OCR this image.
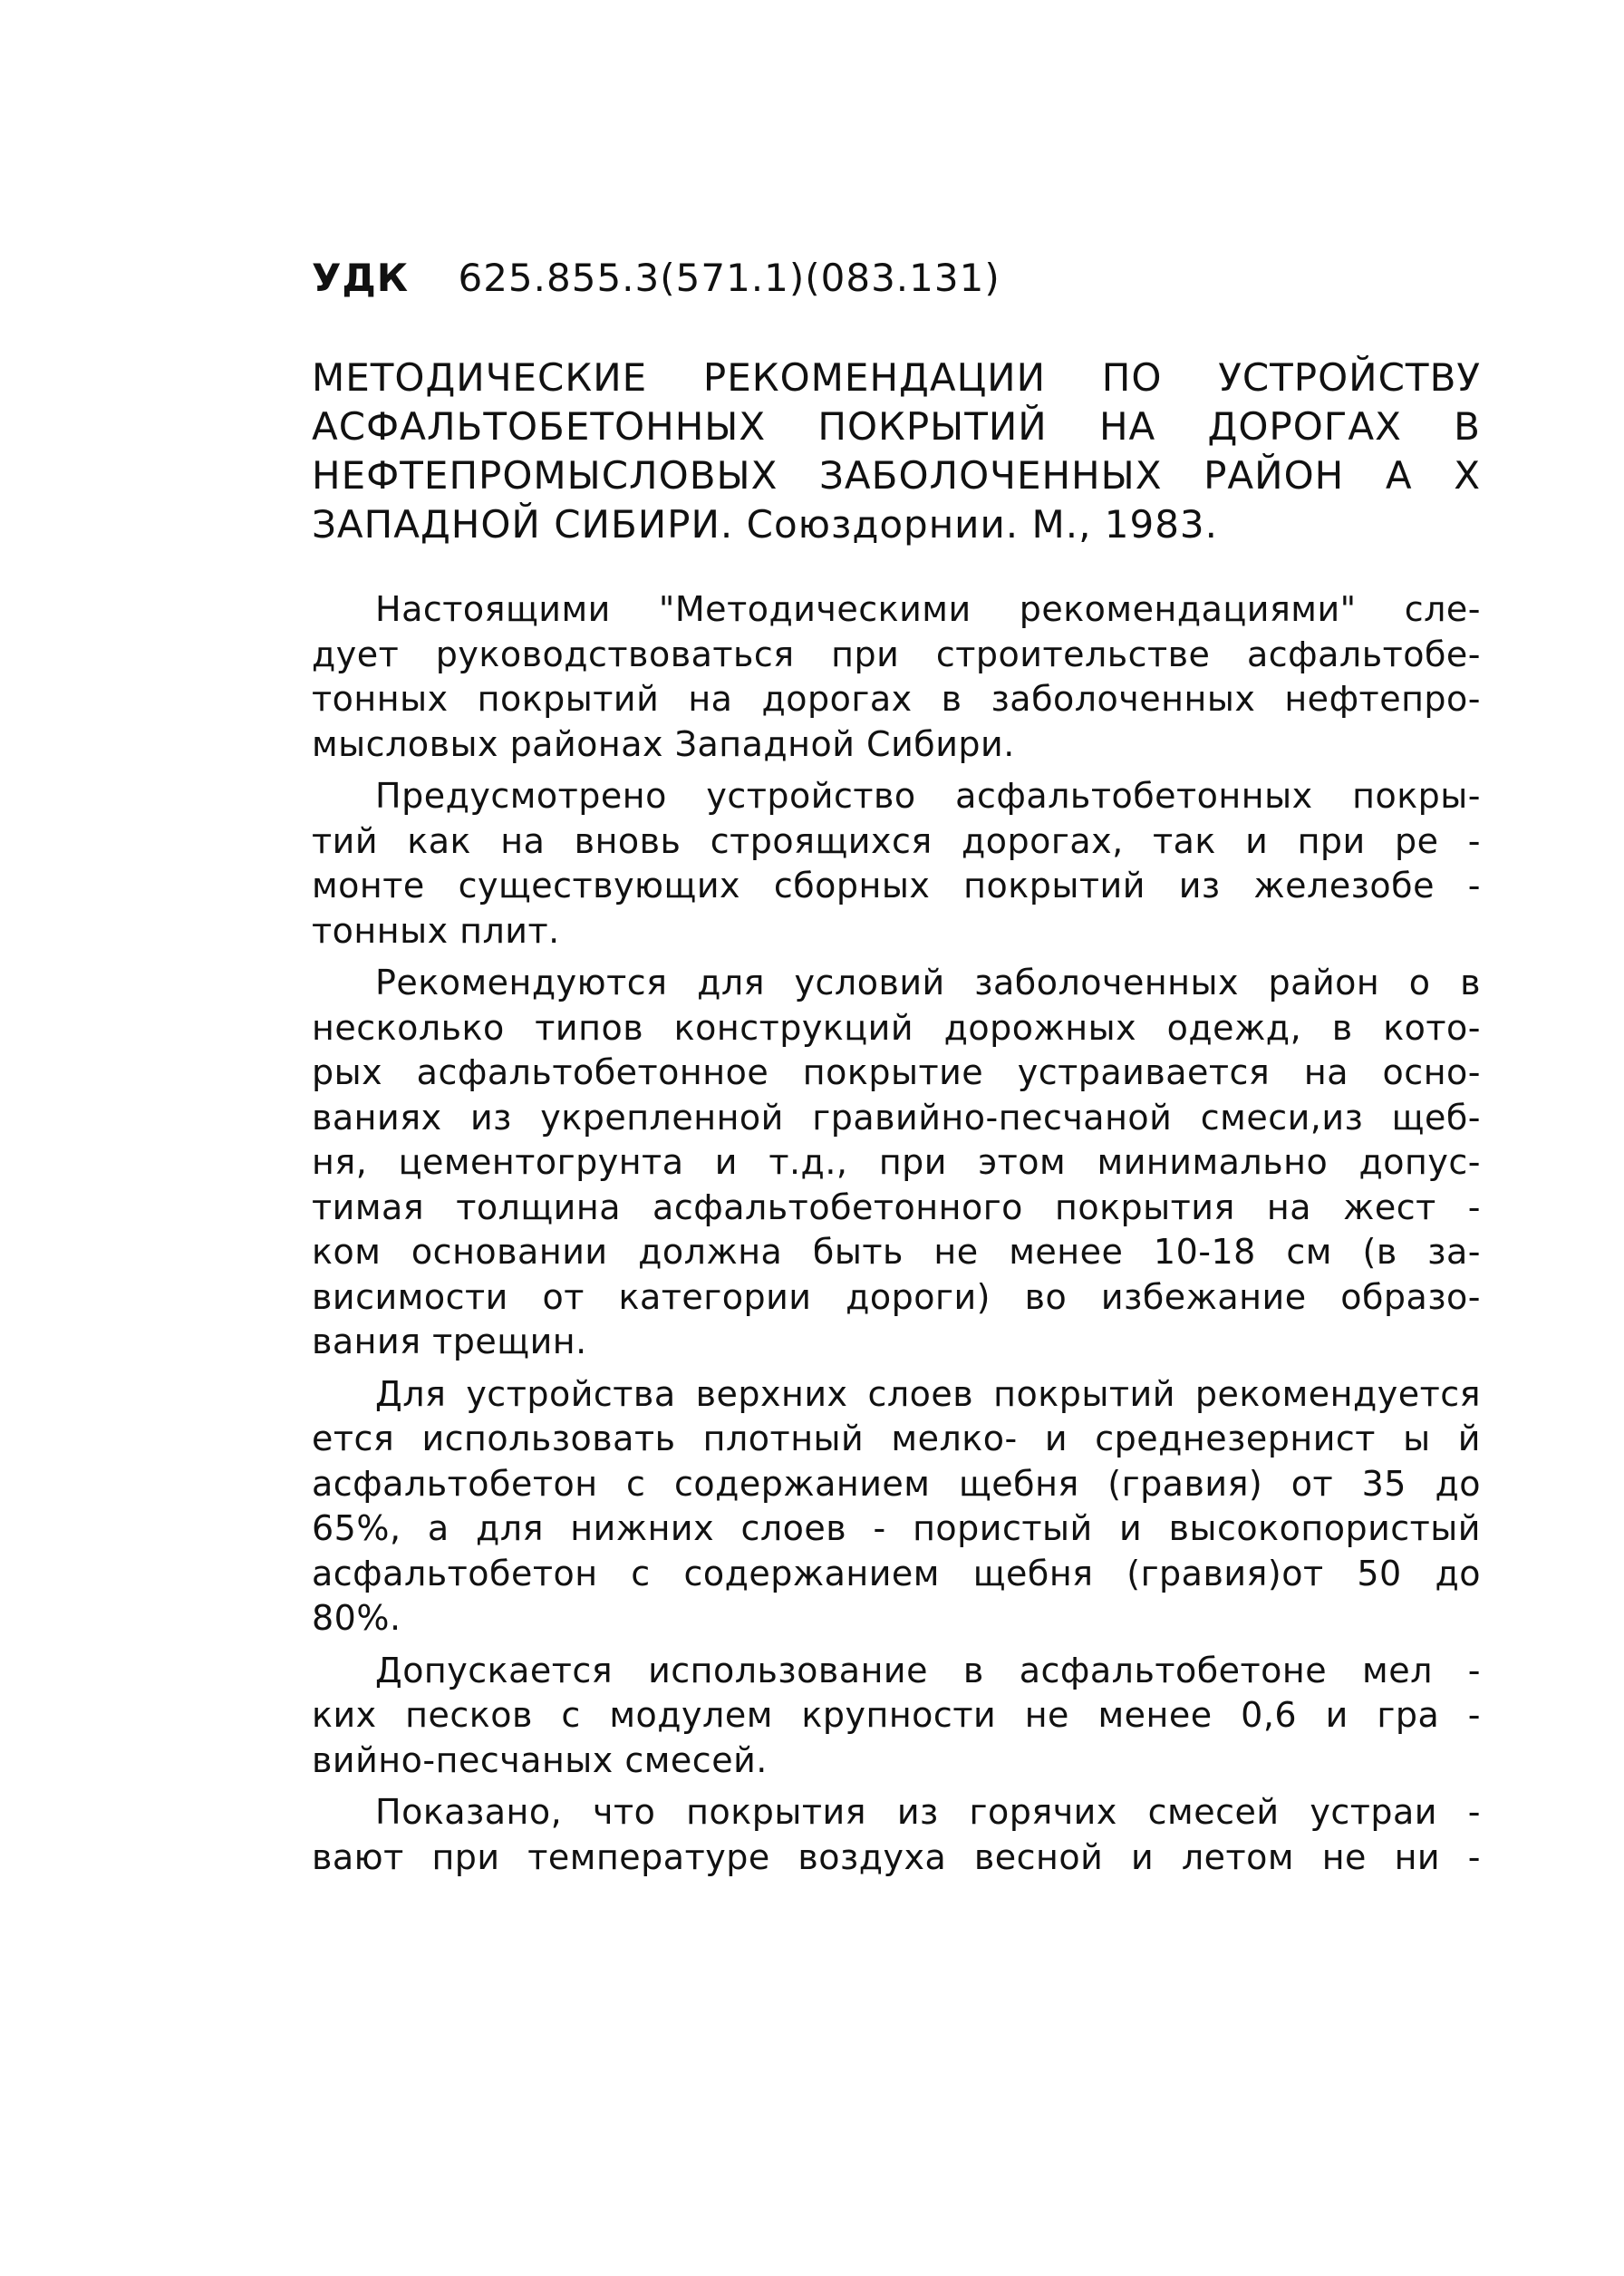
УДК 625.855.3(571.1)(083.131)
МЕТОДИЧЕСКИЕ РЕКОМЕНДАЦИИ ПО УСТРОЙСТВУ
АСФАЛЬТОБЕТОННЫХ ПОКРЫТИЙ НА ДОРОГАХ В
НЕФТЕПРОМЫСЛОВЫХ ЗАБОЛОЧЕННЫХ РАЙОН А Х
ЗАПАДНОЙ СИБИРИ. Союздорнии. М., 1983.
Настоящими "Методическими рекомендациями" сле-
дует руководствоваться при строительстве асфальтобе-
тонных покрытий на дорогах в заболоченных нефтепро-
мысловых районах Западной Сибири.
Предусмотрено устройство асфальтобетонных покры-
тий как на вновь строящихся дорогах, так и при ре -
монте существующих сборных покрытий из железобе -
тонных плит.
Рекомендуются для условий заболоченных район о в
несколько типов конструкций дорожных одежд, в кото-
рых асфальтобетонное покрытие устраивается на осно-
ваниях из укрепленной гравийно-песчаной смеси,из щеб-
ня, цементогрунта и т.д., при этом минимально допус-
тимая толщина асфальтобетонного покрытия на жест -
ком основании должна быть не менее 10-18 см (в за-
висимости от категории дороги) во избежание образо-
вания трещин.
Для устройства верхних слоев покрытий рекомендуется
ется использовать плотный мелко- и среднезернист ы й
асфальтобетон с содержанием щебня (гравия) от 35 до
65%, а для нижних слоев - пористый и высокопористый
асфальтобетон с содержанием щебня (гравия)от 50 до
80%.
Допускается использование в асфальтобетоне мел -
ких песков с модулем крупности не менее 0,6 и гра -
вийно-песчаных смесей.
Показано, что покрытия из горячих смесей устраи -
вают при температуре воздуха весной и летом не ни -
